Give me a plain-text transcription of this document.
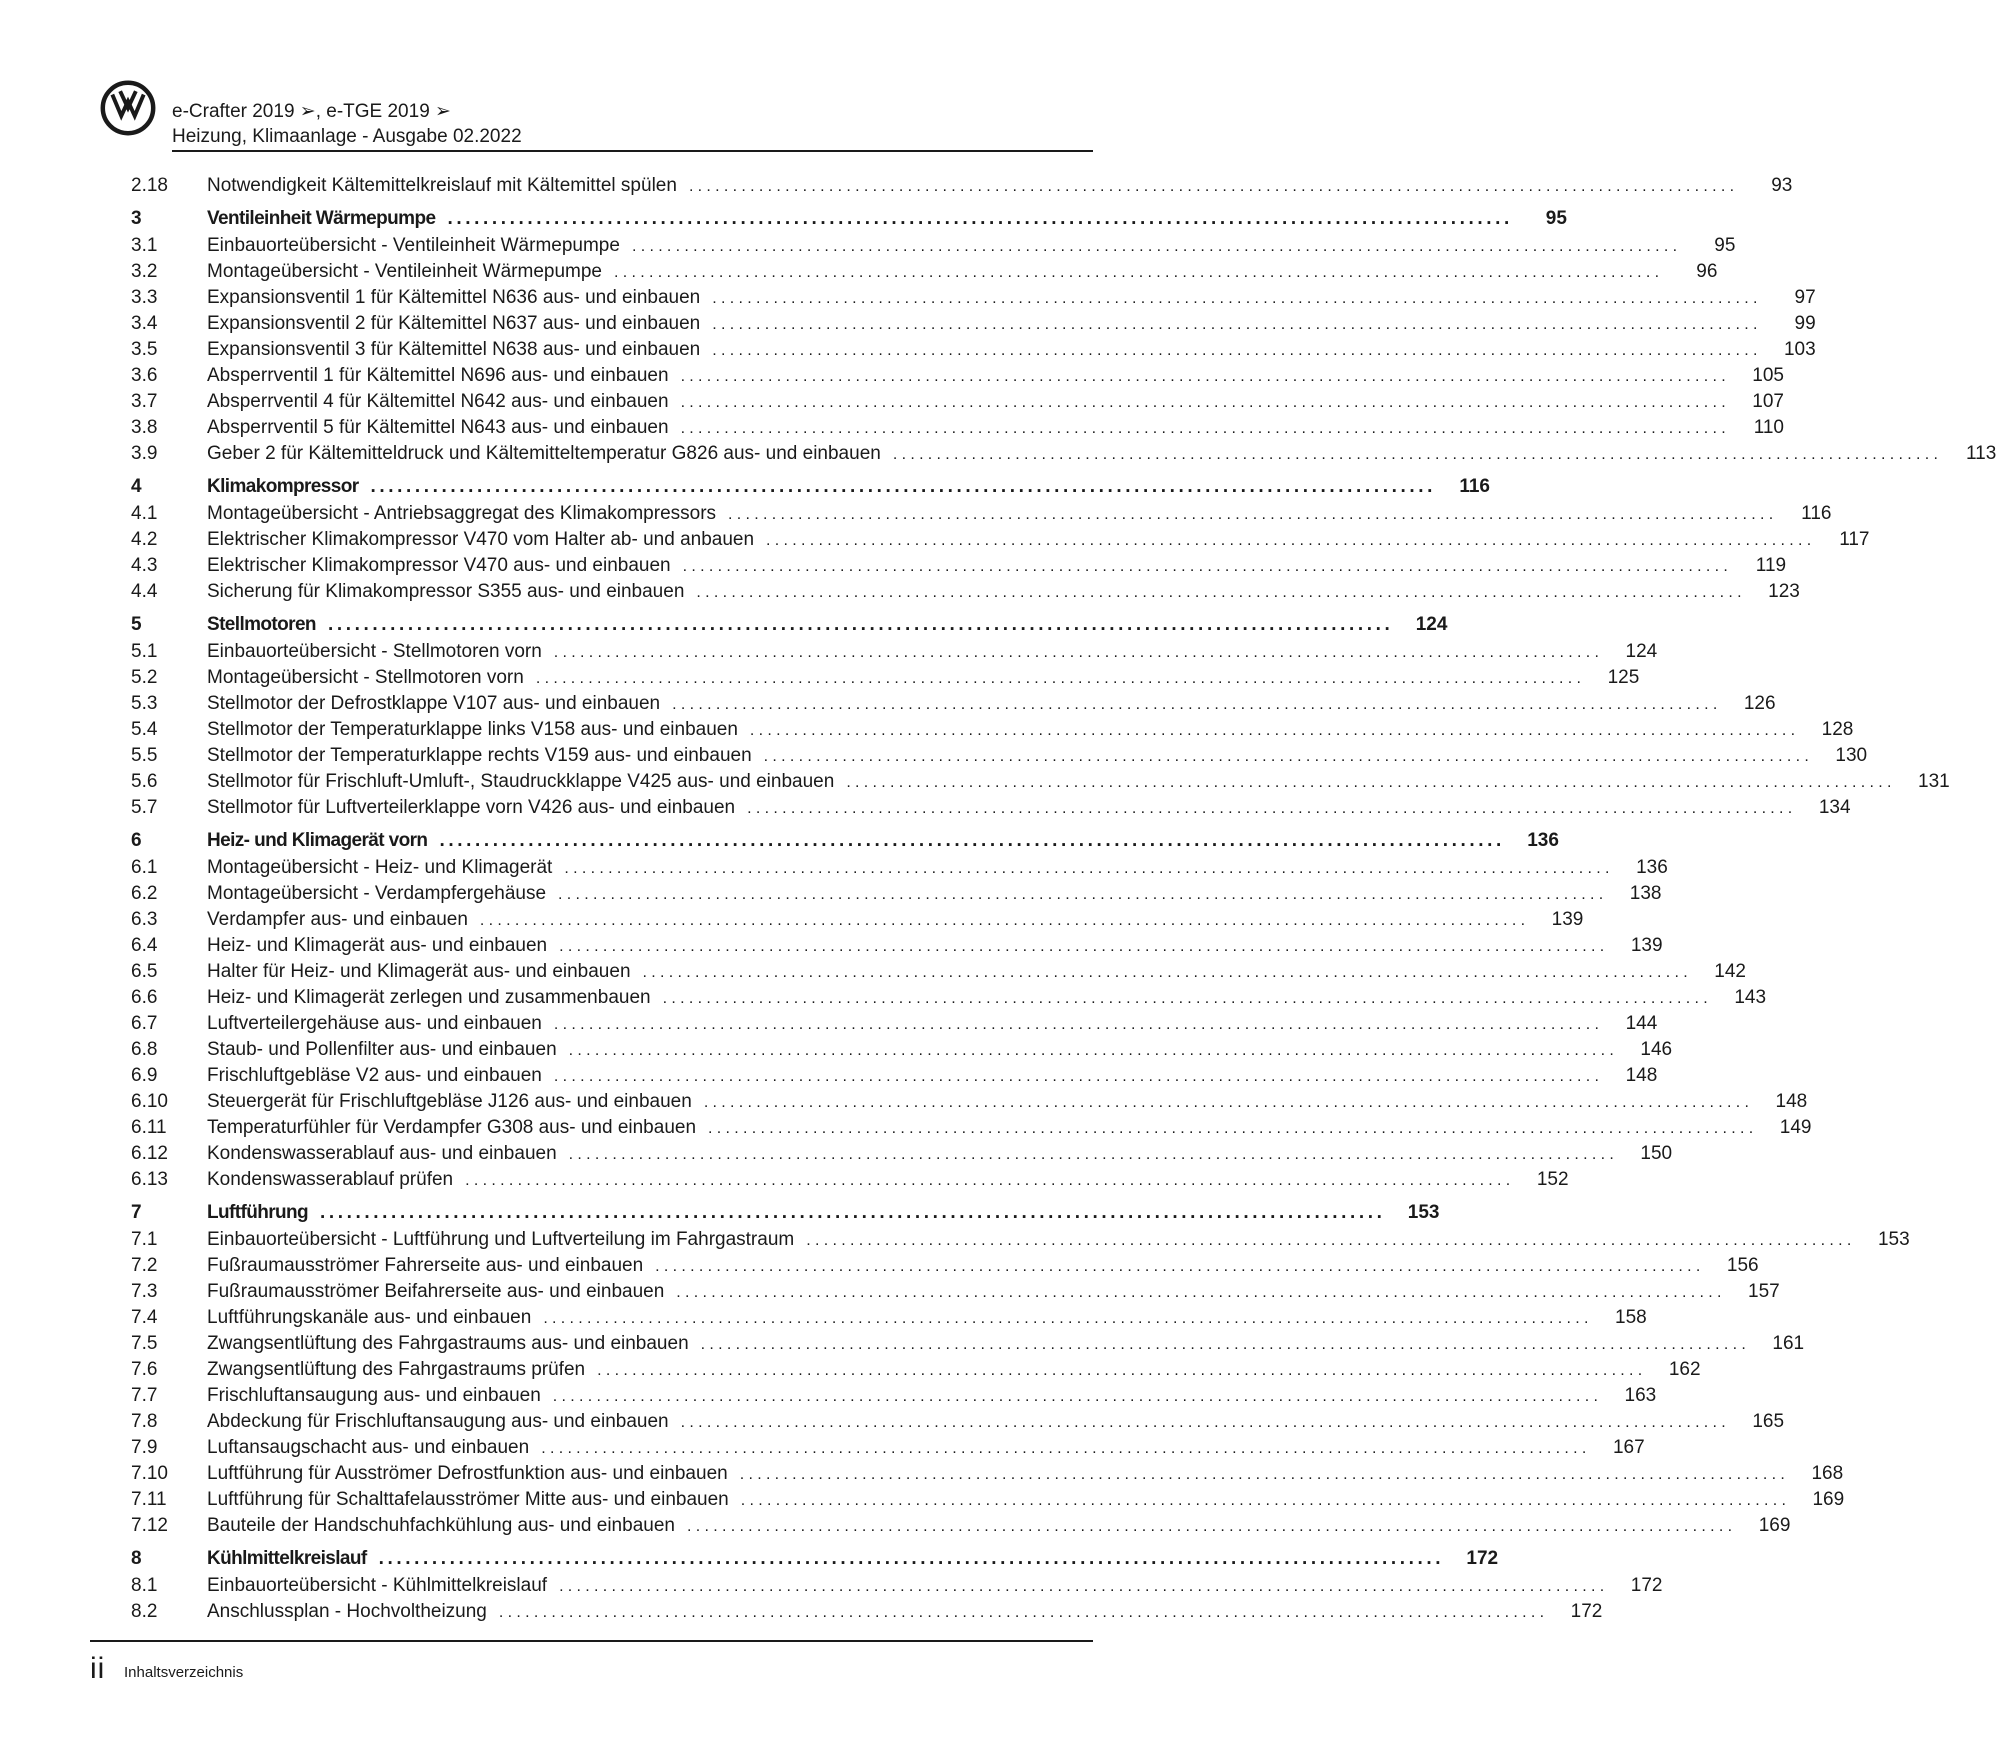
e-Crafter 2019 ➢, e-TGE 2019 ➢
Heizung, Klimaanlage - Ausgabe 02.2022
2.18	Notwendigkeit Kältemittelkreislauf mit Kältemittel spülen ........................................................................................................................	93
3	Ventileinheit Wärmepumpe ........................................................................................................................	95
3.1	Einbauorteübersicht - Ventileinheit Wärmepumpe ........................................................................................................................	95
3.2	Montageübersicht - Ventileinheit Wärmepumpe ........................................................................................................................	96
3.3	Expansionsventil 1 für Kältemittel N636 aus- und einbauen ........................................................................................................................	97
3.4	Expansionsventil 2 für Kältemittel N637 aus- und einbauen ........................................................................................................................	99
3.5	Expansionsventil 3 für Kältemittel N638 aus- und einbauen ........................................................................................................................	103
3.6	Absperrventil 1 für Kältemittel N696 aus- und einbauen ........................................................................................................................	105
3.7	Absperrventil 4 für Kältemittel N642 aus- und einbauen ........................................................................................................................	107
3.8	Absperrventil 5 für Kältemittel N643 aus- und einbauen ........................................................................................................................	110
3.9	Geber 2 für Kältemitteldruck und Kältemitteltemperatur G826 aus- und einbauen ........................................................................................................................	113
4	Klimakompressor ........................................................................................................................	116
4.1	Montageübersicht - Antriebsaggregat des Klimakompressors ........................................................................................................................	116
4.2	Elektrischer Klimakompressor V470 vom Halter ab- und anbauen ........................................................................................................................	117
4.3	Elektrischer Klimakompressor V470 aus- und einbauen ........................................................................................................................	119
4.4	Sicherung für Klimakompressor S355 aus- und einbauen ........................................................................................................................	123
5	Stellmotoren ........................................................................................................................	124
5.1	Einbauorteübersicht - Stellmotoren vorn ........................................................................................................................	124
5.2	Montageübersicht - Stellmotoren vorn ........................................................................................................................	125
5.3	Stellmotor der Defrostklappe V107 aus- und einbauen ........................................................................................................................	126
5.4	Stellmotor der Temperaturklappe links V158 aus- und einbauen ........................................................................................................................	128
5.5	Stellmotor der Temperaturklappe rechts V159 aus- und einbauen ........................................................................................................................	130
5.6	Stellmotor für Frischluft-Umluft-, Staudruckklappe V425 aus- und einbauen ........................................................................................................................	131
5.7	Stellmotor für Luftverteilerklappe vorn V426 aus- und einbauen ........................................................................................................................	134
6	Heiz- und Klimagerät vorn ........................................................................................................................	136
6.1	Montageübersicht - Heiz- und Klimagerät ........................................................................................................................	136
6.2	Montageübersicht - Verdampfergehäuse ........................................................................................................................	138
6.3	Verdampfer aus- und einbauen ........................................................................................................................	139
6.4	Heiz- und Klimagerät aus- und einbauen ........................................................................................................................	139
6.5	Halter für Heiz- und Klimagerät aus- und einbauen ........................................................................................................................	142
6.6	Heiz- und Klimagerät zerlegen und zusammenbauen ........................................................................................................................	143
6.7	Luftverteilergehäuse aus- und einbauen ........................................................................................................................	144
6.8	Staub- und Pollenfilter aus- und einbauen ........................................................................................................................	146
6.9	Frischluftgebläse V2 aus- und einbauen ........................................................................................................................	148
6.10	Steuergerät für Frischluftgebläse J126 aus- und einbauen ........................................................................................................................	148
6.11	Temperaturfühler für Verdampfer G308 aus- und einbauen ........................................................................................................................	149
6.12	Kondenswasserablauf aus- und einbauen ........................................................................................................................	150
6.13	Kondenswasserablauf prüfen ........................................................................................................................	152
7	Luftführung ........................................................................................................................	153
7.1	Einbauorteübersicht - Luftführung und Luftverteilung im Fahrgastraum ........................................................................................................................	153
7.2	Fußraumausströmer Fahrerseite aus- und einbauen ........................................................................................................................	156
7.3	Fußraumausströmer Beifahrerseite aus- und einbauen ........................................................................................................................	157
7.4	Luftführungskanäle aus- und einbauen ........................................................................................................................	158
7.5	Zwangsentlüftung des Fahrgastraums aus- und einbauen ........................................................................................................................	161
7.6	Zwangsentlüftung des Fahrgastraums prüfen ........................................................................................................................	162
7.7	Frischluftansaugung aus- und einbauen ........................................................................................................................	163
7.8	Abdeckung für Frischluftansaugung aus- und einbauen ........................................................................................................................	165
7.9	Luftansaugschacht aus- und einbauen ........................................................................................................................	167
7.10	Luftführung für Ausströmer Defrostfunktion aus- und einbauen ........................................................................................................................	168
7.11	Luftführung für Schalttafelausströmer Mitte aus- und einbauen ........................................................................................................................	169
7.12	Bauteile der Handschuhfachkühlung aus- und einbauen ........................................................................................................................	169
8	Kühlmittelkreislauf ........................................................................................................................	172
8.1	Einbauorteübersicht - Kühlmittelkreislauf ........................................................................................................................	172
8.2	Anschlussplan - Hochvoltheizung ........................................................................................................................	172
ii Inhaltsverzeichnis
